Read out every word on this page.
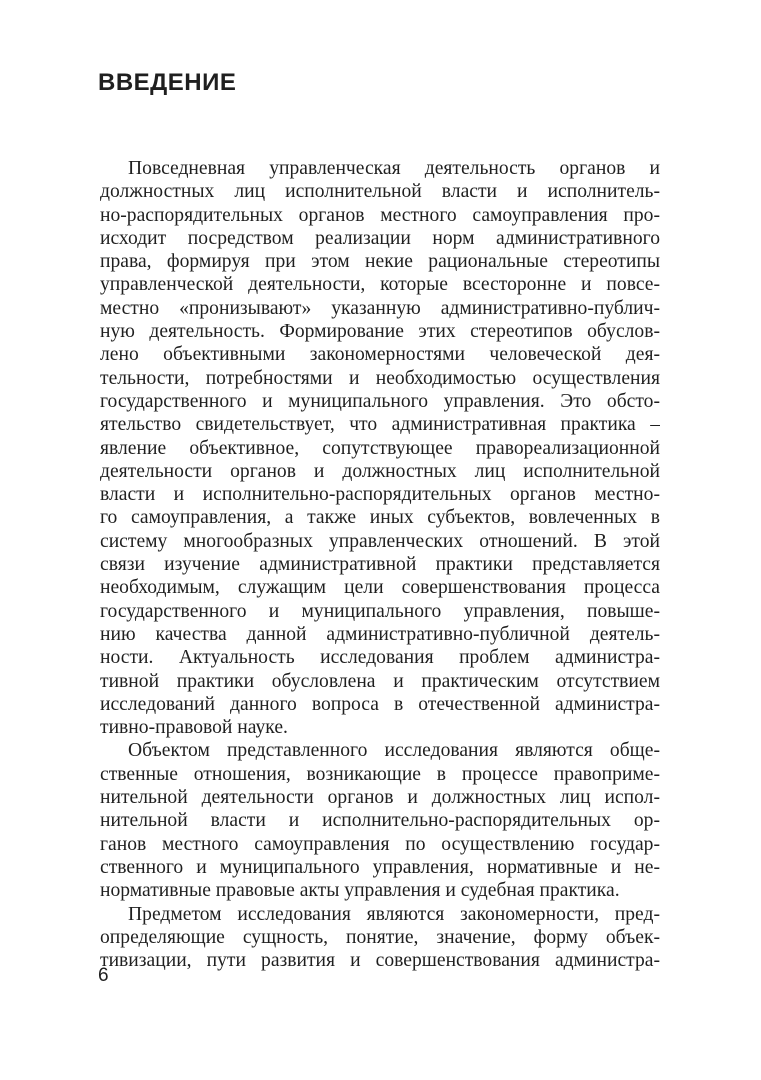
ВВЕДЕНИЕ
Повседневная управленческая деятельность органов и
должностных лиц исполнительной власти и исполнитель-
но-распорядительных органов местного самоуправления про-
исходит посредством реализации норм административного
права, формируя при этом некие рациональные стереотипы
управленческой деятельности, которые всесторонне и повсе-
местно «пронизывают» указанную административно-публич-
ную деятельность. Формирование этих стереотипов обуслов-
лено объективными закономерностями человеческой дея-
тельности, потребностями и необходимостью осуществления
государственного и муниципального управления. Это обсто-
ятельство свидетельствует, что административная практика –
явление объективное, сопутствующее правореализационной
деятельности органов и должностных лиц исполнительной
власти и исполнительно-распорядительных органов местно-
го самоуправления, а также иных субъектов, вовлеченных в
систему многообразных управленческих отношений. В этой
связи изучение административной практики представляется
необходимым, служащим цели совершенствования процесса
государственного и муниципального управления, повыше-
нию качества данной административно-публичной деятель-
ности. Актуальность исследования проблем администра-
тивной практики обусловлена и практическим отсутствием
исследований данного вопроса в отечественной администра-
тивно-правовой науке.
Объектом представленного исследования являются обще-
ственные отношения, возникающие в процессе правоприме-
нительной деятельности органов и должностных лиц испол-
нительной власти и исполнительно-распорядительных ор-
ганов местного самоуправления по осуществлению государ-
ственного и муниципального управления, нормативные и не-
нормативные правовые акты управления и судебная практика.
Предметом исследования являются закономерности, пред-
определяющие сущность, понятие, значение, форму объек-
тивизации, пути развития и совершенствования администра-
6
